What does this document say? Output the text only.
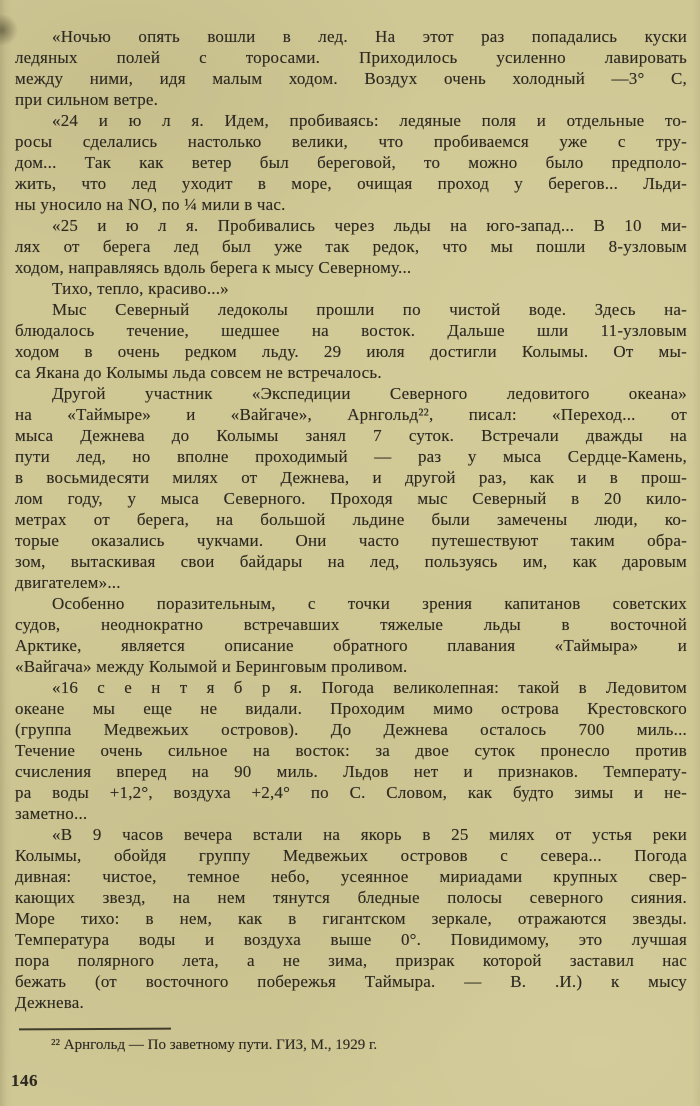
«Ночью опять вошли в лед. На этот раз попадались куски
ледяных полей с торосами. Приходилось усиленно лавировать
между ними, идя малым ходом. Воздух очень холодный —3° С,
при сильном ветре.
«24 и ю л я. Идем, пробиваясь: ледяные поля и отдельные то-
росы сделались настолько велики, что пробиваемся уже с тру-
дом... Так как ветер был береговой, то можно было предполо-
жить, что лед уходит в море, очищая проход у берегов... Льди-
ны уносило на NO, по ¼ мили в час.
«25 и ю л я. Пробивались через льды на юго-запад... В 10 ми-
лях от берега лед был уже так редок, что мы пошли 8-узловым
ходом, направляясь вдоль берега к мысу Северному...
Тихо, тепло, красиво...»
Мыс Северный ледоколы прошли по чистой воде. Здесь на-
блюдалось течение, шедшее на восток. Дальше шли 11-узловым
ходом в очень редком льду. 29 июля достигли Колымы. От мы-
са Якана до Колымы льда совсем не встречалось.
Другой участник «Экспедиции Северного ледовитого океана»
на «Таймыре» и «Вайгаче», Арнгольд²², писал: «Переход... от
мыса Дежнева до Колымы занял 7 суток. Встречали дважды на
пути лед, но вполне проходимый — раз у мыса Сердце-Камень,
в восьмидесяти милях от Дежнева, и другой раз, как и в прош-
лом году, у мыса Северного. Проходя мыс Северный в 20 кило-
метрах от берега, на большой льдине были замечены люди, ко-
торые оказались чукчами. Они часто путешествуют таким обра-
зом, вытаскивая свои байдары на лед, пользуясь им, как даровым
двигателем»...
Особенно поразительным, с точки зрения капитанов советских
судов, неоднократно встречавших тяжелые льды в восточной
Арктике, является описание обратного плавания «Таймыра» и
«Вайгача» между Колымой и Беринговым проливом.
«16 с е н т я б р я. Погода великолепная: такой в Ледовитом
океане мы еще не видали. Проходим мимо острова Крестовского
(группа Медвежьих островов). До Дежнева осталось 700 миль...
Течение очень сильное на восток: за двое суток пронесло против
счисления вперед на 90 миль. Льдов нет и признаков. Температу-
ра воды +1,2°, воздуха +2,4° по С. Словом, как будто зимы и не-
заметно...
«В 9 часов вечера встали на якорь в 25 милях от устья реки
Колымы, обойдя группу Медвежьих островов с севера... Погода
дивная: чистое, темное небо, усеянное мириадами крупных свер-
кающих звезд, на нем тянутся бледные полосы северного сияния.
Море тихо: в нем, как в гигантском зеркале, отражаются звезды.
Температура воды и воздуха выше 0°. Повидимому, это лучшая
пора полярного лета, а не зима, призрак которой заставил нас
бежать (от восточного побережья Таймыра. — В. .И.) к мысу
Дежнева.
²² Арнгольд — По заветному пути. ГИЗ, М., 1929 г.
146
